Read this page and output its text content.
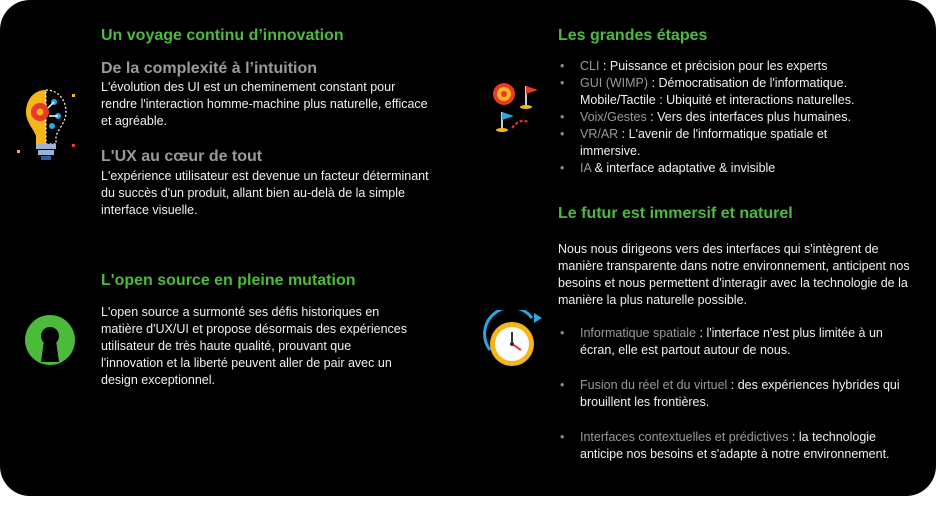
Un voyage continu d’innovation
De la complexité à l’intuition

L'évolution des UI est un cheminement constant pour rendre l'interaction homme-machine plus naturelle, efficace et agréable.

L'UX au cœur de tout

L'expérience utilisateur est devenue un facteur déterminant du succès d'un produit, allant bien au-delà de la simple interface visuelle.

L'open source en pleine mutation

L'open source a surmonté ses défis historiques en matière d'UX/UI et propose désormais des expériences utilisateur de très haute qualité, prouvant que l'innovation et la liberté peuvent aller de pair avec un design exceptionnel.

Les grandes étapes
• CLI : Puissance et précision pour les experts
• GUI (WIMP) : Démocratisation de l'informatique.
Mobile/Tactile : Ubiquité et interactions naturelles.
• Voix/Gestes : Vers des interfaces plus humaines.
• VR/AR : L'avenir de l'informatique spatiale et immersive.
• IA & interface adaptative & invisible
Le futur est immersif et naturel

Nous nous dirigeons vers des interfaces qui s'intègrent de manière transparente dans notre environnement, anticipent nos besoins et nous permettent d'interagir avec la technologie de la manière la plus naturelle possible.

• Informatique spatiale : l'interface n'est plus limitée à un écran, elle est partout autour de nous.
• Fusion du réel et du virtuel : des expériences hybrides qui brouillent les frontières.
• Interfaces contextuelles et prédictives : la technologie anticipe nos besoins et s'adapte à notre environnement.
